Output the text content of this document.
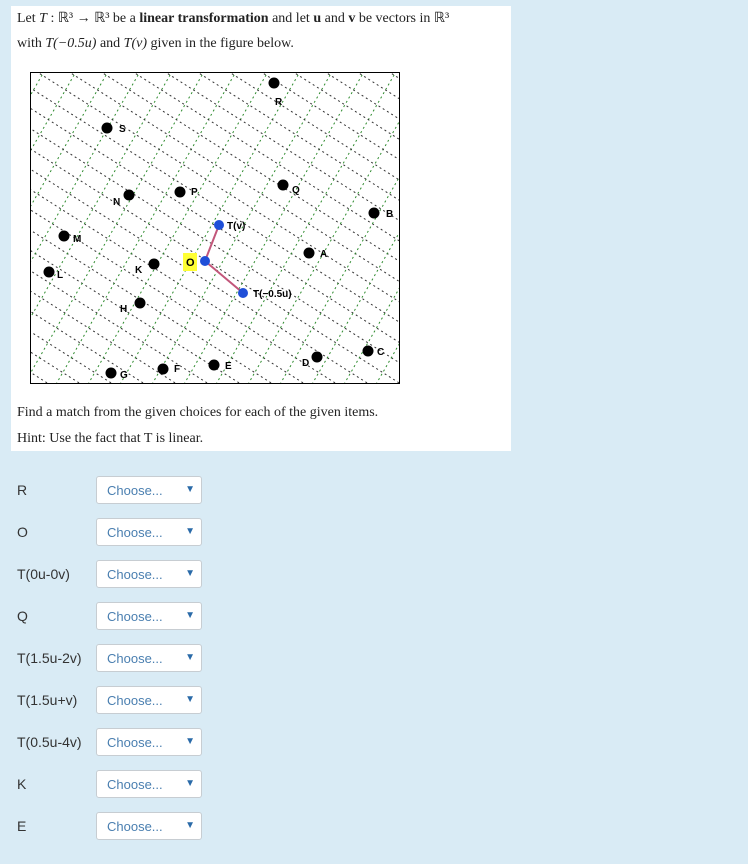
Let T : ℝ³ → ℝ³ be a linear transformation and let u and v be vectors in ℝ³
with T(−0.5u) and T(v) given in the figure below.
R
S
N
P	Q
B
M
L	K
A
H
D
C
G
F	E
O
T(v)
T(−0.5u)
Find a match from the given choices for each of the given items.
Hint: Use the fact that T is linear.
R	Choose... ▼
O	Choose... ▼
T(0u-0v)	Choose... ▼
Q	Choose... ▼
T(1.5u-2v) Choose... ▼
T(1.5u+v) Choose... ▼
T(0.5u-4v) Choose... ▼
K	Choose... ▼
E	Choose... ▼
